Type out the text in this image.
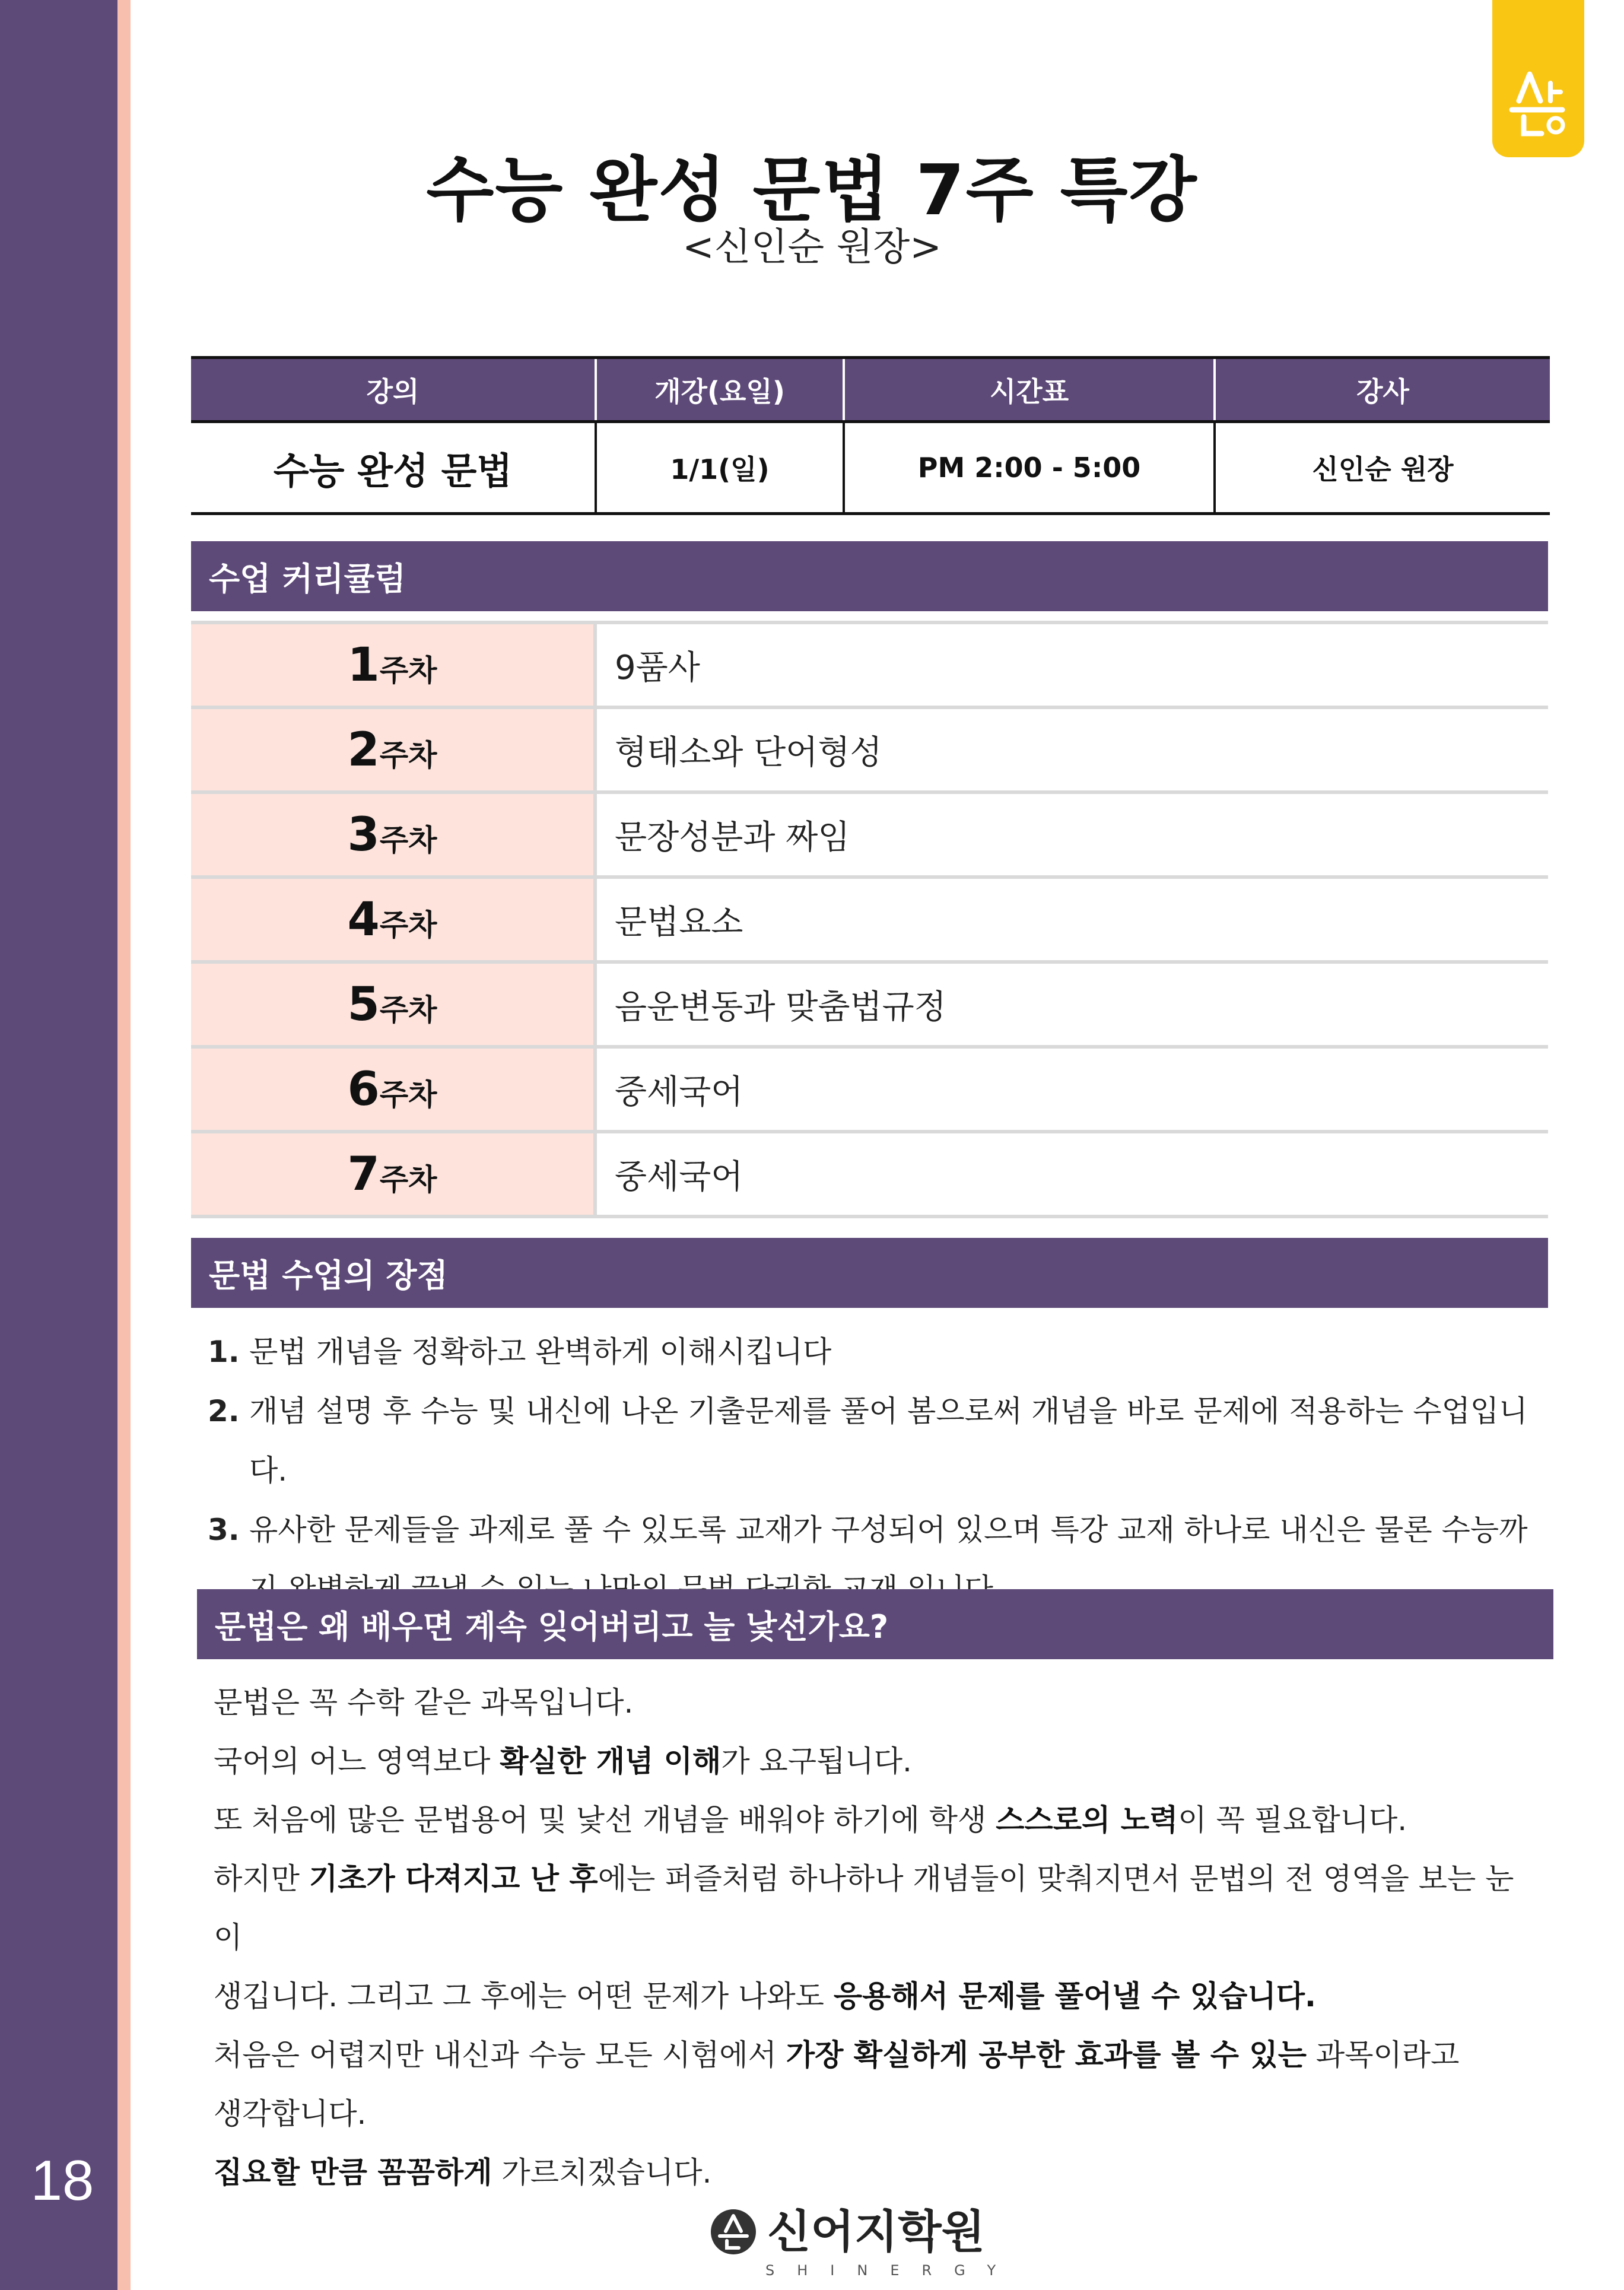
18
수능 완성 문법 7주 특강
<신인순 원장>
강의	개강(요일)	시간표	강사
수능 완성 문법	1/1(일)	PM 2:00 - 5:00	신인순 원장
수업 커리큘럼
1주차	9품사
2주차	형태소와 단어형성
3주차	문장성분과 짜임
4주차	문법요소
5주차	음운변동과 맞춤법규정
6주차	중세국어
7주차	중세국어
문법 수업의 장점
1. 문법 개념을 정확하고 완벽하게 이해시킵니다
2. 개념 설명 후 수능 및 내신에 나온 기출문제를 풀어 봄으로써 개념을 바로 문제에 적용하는 수업입니다.
3. 유사한 문제들을 과제로 풀 수 있도록 교재가 구성되어 있으며 특강 교재 하나로 내신은 물론 수능까
문법은 왜 배우면 계속 잊어버리고 늘 낯선가요?

문법은 꼭 수학 같은 과목입니다.

국어의 어느 영역보다 확실한 개념 이해가 요구됩니다.

또 처음에 많은 문법용어 및 낯선 개념을 배워야 하기에 학생 스스로의 노력이 꼭 필요합니다.

하지만 기초가 다져지고 난 후에는 퍼즐처럼 하나하나 개념들이 맞춰지면서 문법의 전 영역을 보는 눈이

생깁니다. 그리고 그 후에는 어떤 문제가 나와도 응용해서 문제를 풀어낼 수 있습니다.

처음은 어렵지만 내신과 수능 모든 시험에서 가장 확실하게 공부한 효과를 볼 수 있는 과목이라고

생각합니다.

집요할 만큼 꼼꼼하게 가르치겠습니다.

신어지학원
SHINERGY
